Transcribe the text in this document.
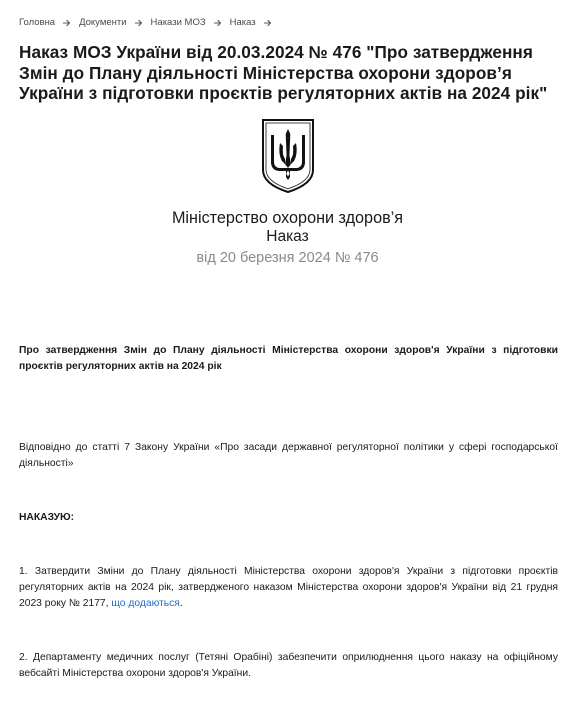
Головна	Документи	Накази МОЗ	Наказ
Наказ МОЗ України від 20.03.2024 № 476 "Про затвердження Змін до Плану діяльності Міністерства охорони здоров’я України з підготовки проєктів регуляторних актів на 2024 рік"
Міністерство охорони здоров’я
Наказ
від 20 березня 2024 № 476

Про затвердження Змін до Плану діяльності Міністерства охорони здоров'я України з підготовки проєктів регуляторних актів на 2024 рік

Відповідно до статті 7 Закону України «Про засади державної регуляторної політики у сфері господарської діяльності»

НАКАЗУЮ:

1. Затвердити Зміни до Плану діяльності Міністерства охорони здоров'я України з підготовки проєктів регуляторних актів на 2024 рік, затвердженого наказом Міністерства охорони здоров'я України від 21 грудня 2023 року № 2177, що додаються.

2. Департаменту медичних послуг (Тетяні Орабіні) забезпечити оприлюднення цього наказу на офіційному вебсайті Міністерства охорони здоров'я України.
